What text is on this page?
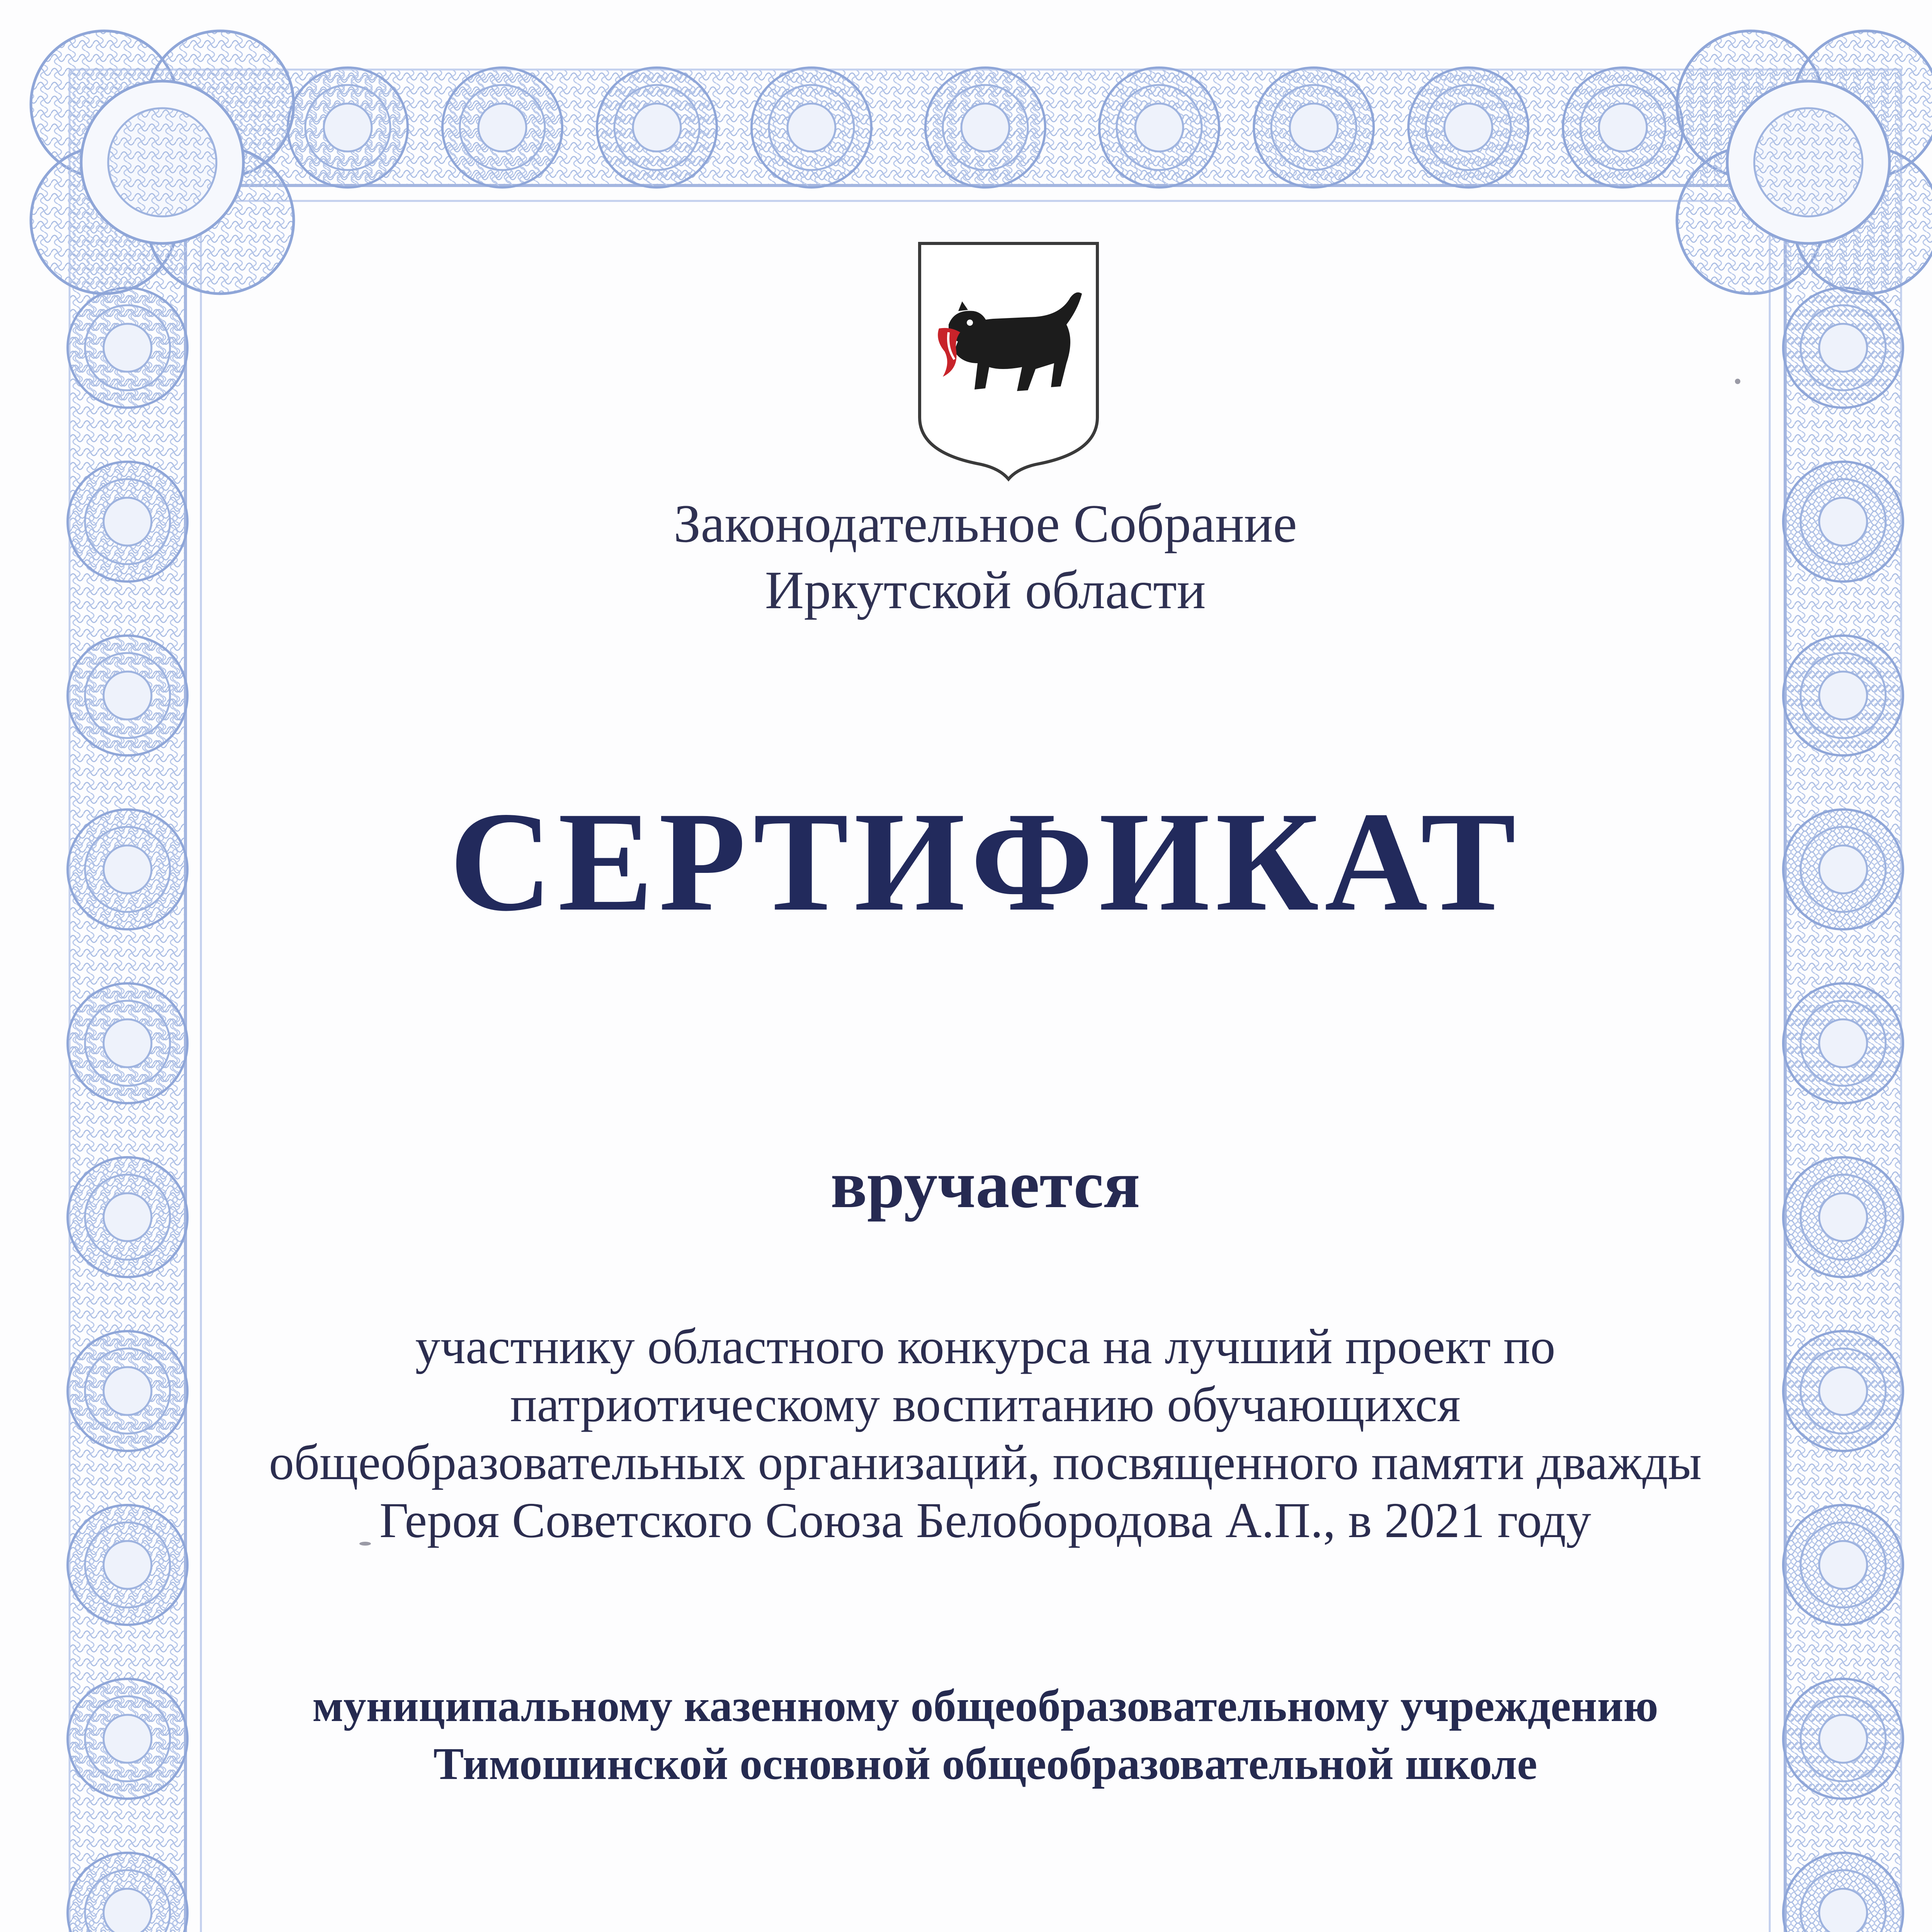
Законодательное Собрание
Иркутской области
СЕРТИФИКАТ
вручается
участнику областного конкурса на лучший проект по
патриотическому воспитанию обучающихся
общеобразовательных организаций, посвященного памяти дважды
Героя Советского Союза Белобородова А.П., в 2021 году
муниципальному казенному общеобразовательному учреждению
Тимошинской основной общеобразовательной школе
